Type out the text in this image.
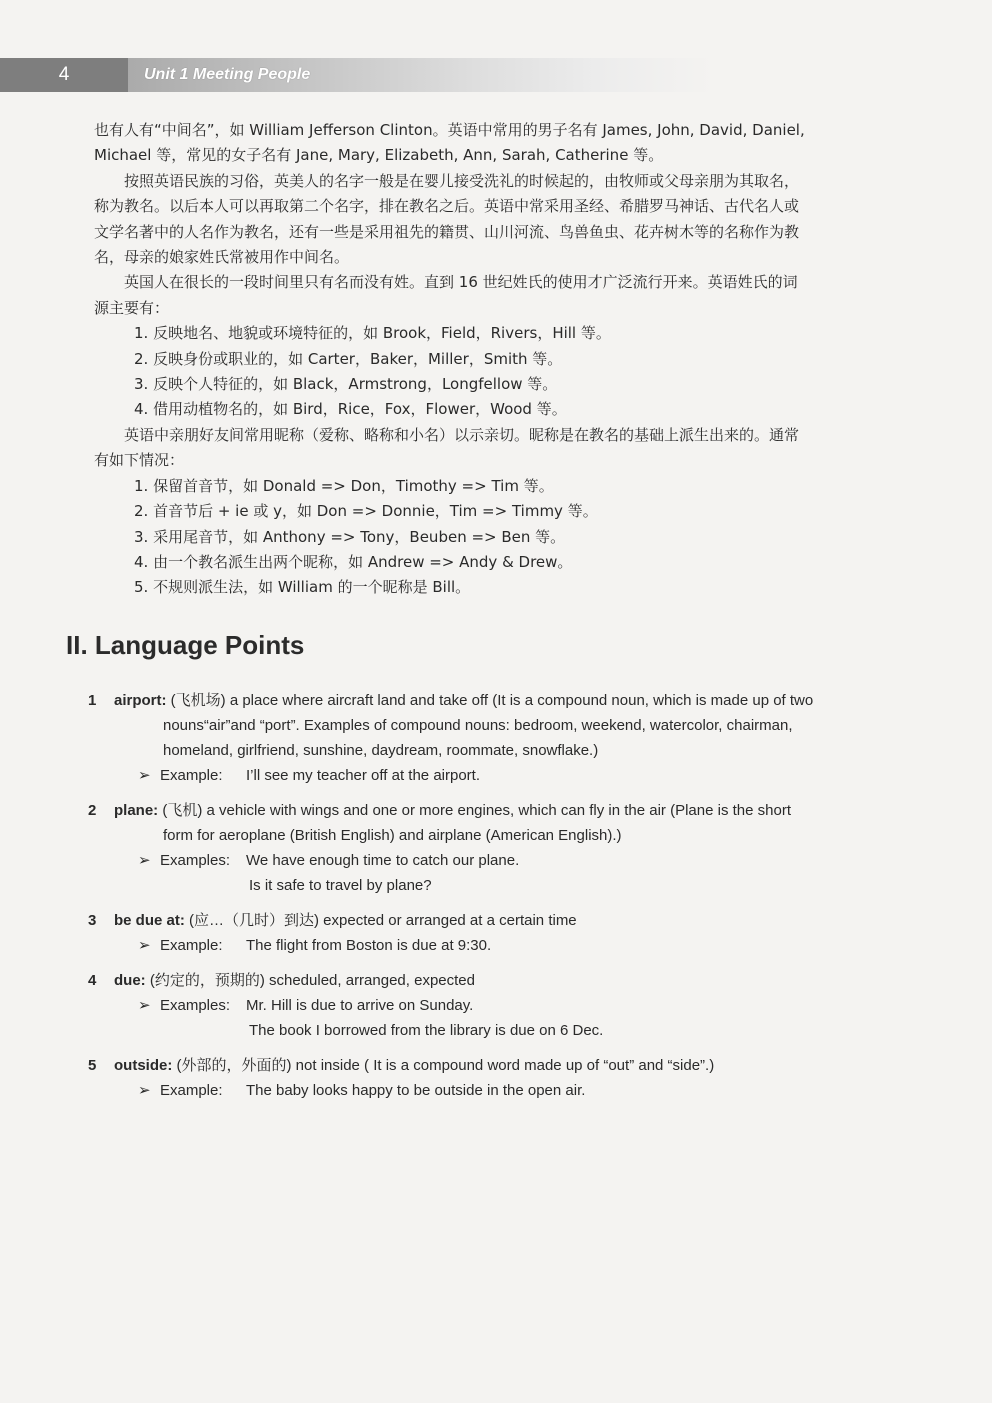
4	Unit 1 Meeting People
也有人有“中间名”，如 William Jefferson Clinton。英语中常用的男子名有 James, John, David, Daniel,
Michael 等，常见的女子名有 Jane, Mary, Elizabeth, Ann, Sarah, Catherine 等。
　　按照英语民族的习俗，英美人的名字一般是在婴儿接受洗礼的时候起的，由牧师或父母亲朋为其取名，
称为教名。以后本人可以再取第二个名字，排在教名之后。英语中常采用圣经、希腊罗马神话、古代名人或
文学名著中的人名作为教名，还有一些是采用祖先的籍贯、山川河流、鸟兽鱼虫、花卉树木等的名称作为教
名，母亲的娘家姓氏常被用作中间名。
　　英国人在很长的一段时间里只有名而没有姓。直到 16 世纪姓氏的使用才广泛流行开来。英语姓氏的词
源主要有：
1. 反映地名、地貌或环境特征的，如 Brook，Field，Rivers，Hill 等。
2. 反映身份或职业的，如 Carter，Baker，Miller，Smith 等。
3. 反映个人特征的，如 Black，Armstrong，Longfellow 等。
4. 借用动植物名的，如 Bird，Rice，Fox，Flower，Wood 等。
　　英语中亲朋好友间常用昵称（爱称、略称和小名）以示亲切。昵称是在教名的基础上派生出来的。通常
有如下情况：
1. 保留首音节，如 Donald => Don，Timothy => Tim 等。
2. 首音节后 + ie 或 y，如 Don => Donnie，Tim => Timmy 等。
3. 采用尾音节，如 Anthony => Tony，Beuben => Ben 等。
4. 由一个教名派生出两个昵称，如 Andrew => Andy & Drew。
5. 不规则派生法，如 William 的一个昵称是 Bill。
II. Language Points
1 airport: (飞机场) a place where aircraft land and take off (It is a compound noun, which is made up of two
nouns“air”and “port”. Examples of compound nouns: bedroom, weekend, watercolor, chairman,
homeland, girlfriend, sunshine, daydream, roommate, snowflake.)
➢ Example: I’ll see my teacher off at the airport.
2 plane: (飞机) a vehicle with wings and one or more engines, which can fly in the air (Plane is the short
form for aeroplane (British English) and airplane (American English).)
➢ Examples: We have enough time to catch our plane.
Is it safe to travel by plane?
3 be due at: (应…（几时）到达) expected or arranged at a certain time
➢ Example: The flight from Boston is due at 9:30.
4 due: (约定的，预期的) scheduled, arranged, expected
➢ Examples: Mr. Hill is due to arrive on Sunday.
The book I borrowed from the library is due on 6 Dec.
5 outside: (外部的，外面的) not inside ( It is a compound word made up of “out” and “side”.)
➢ Example: The baby looks happy to be outside in the open air.
